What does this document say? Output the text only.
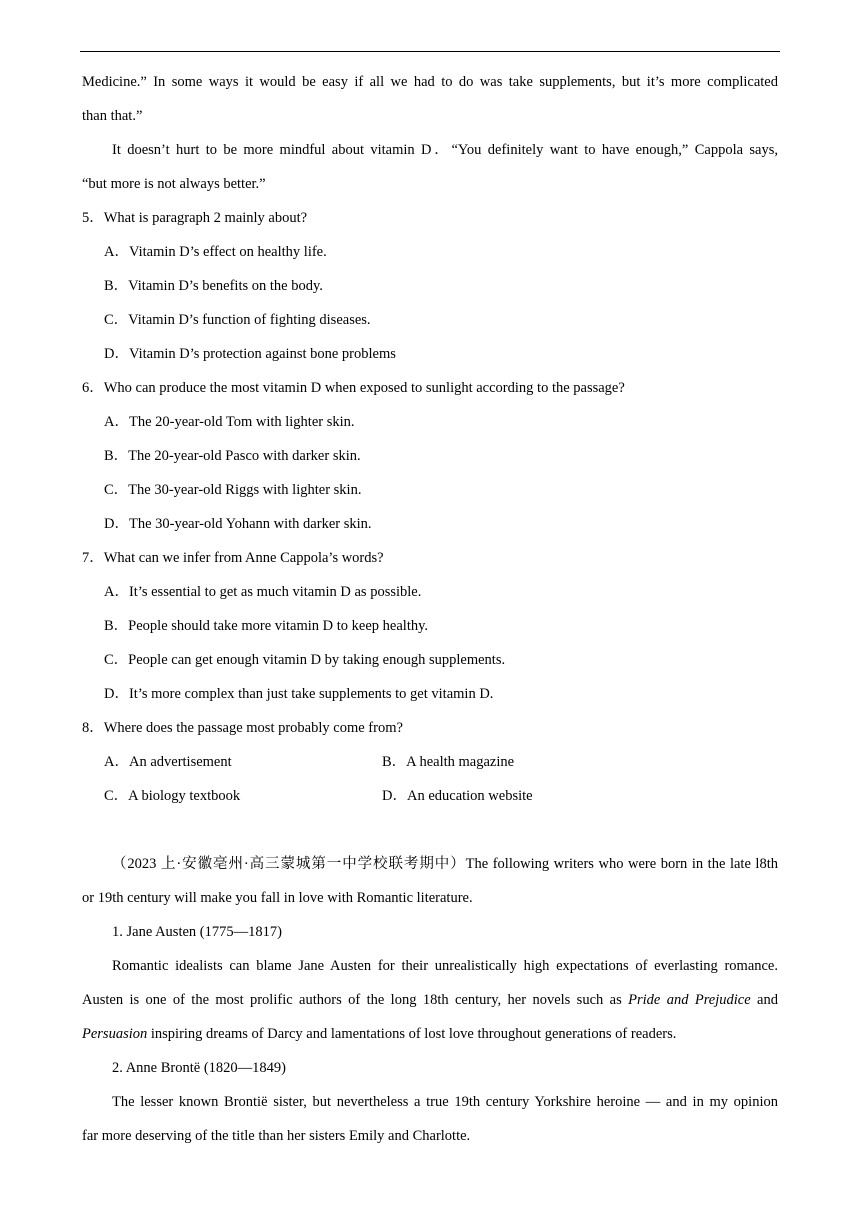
Medicine.” In some ways it would be easy if all we had to do was take supplements, but it’s more complicated
than that.”
It doesn’t hurt to be more mindful about vitamin D．“You definitely want to have enough,” Cappola says,
“but more is not always better.”
5．What is paragraph 2 mainly about?
A．Vitamin D’s effect on healthy life.
B．Vitamin D’s benefits on the body.
C．Vitamin D’s function of fighting diseases.
D．Vitamin D’s protection against bone problems
6．Who can produce the most vitamin D when exposed to sunlight according to the passage?
A．The 20-year-old Tom with lighter skin.
B．The 20-year-old Pasco with darker skin.
C．The 30-year-old Riggs with lighter skin.
D．The 30-year-old Yohann with darker skin.
7．What can we infer from Anne Cappola’s words?
A．It’s essential to get as much vitamin D as possible.
B．People should take more vitamin D to keep healthy.
C．People can get enough vitamin D by taking enough supplements.
D．It’s more complex than just take supplements to get vitamin D.
8．Where does the passage most probably come from?
A．An advertisement	B．A health magazine
C．A biology textbook	D．An education website
（2023 上·安徽亳州·高三蒙城第一中学校联考期中）The following writers who were born in the late l8th
or 19th century will make you fall in love with Romantic literature.
1. Jane Austen (1775—1817)
Romantic idealists can blame Jane Austen for their unrealistically high expectations of everlasting romance.
Austen is one of the most prolific authors of the long 18th century, her novels such as Pride and Prejudice and
Persuasion inspiring dreams of Darcy and lamentations of lost love throughout generations of readers.
2. Anne Brontë (1820—1849)
The lesser known Brontië sister, but nevertheless a true 19th century Yorkshire heroine — and in my opinion
far more deserving of the title than her sisters Emily and Charlotte.
